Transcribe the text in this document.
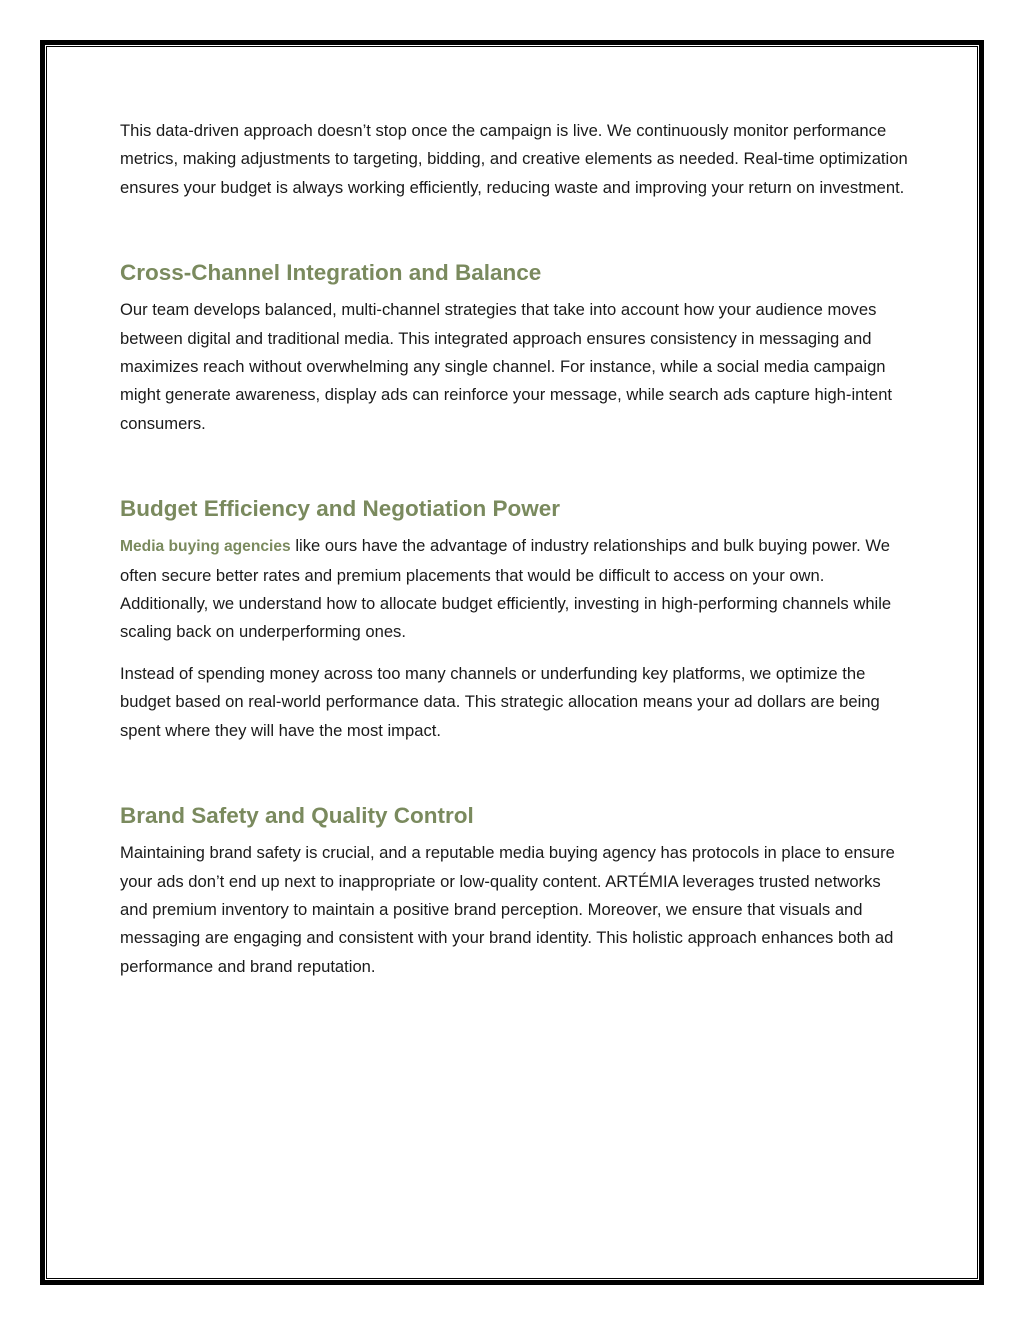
This data-driven approach doesn’t stop once the campaign is live. We continuously monitor performance metrics, making adjustments to targeting, bidding, and creative elements as needed. Real-time optimization ensures your budget is always working efficiently, reducing waste and improving your return on investment.

Cross-Channel Integration and Balance

Our team develops balanced, multi-channel strategies that take into account how your audience moves between digital and traditional media. This integrated approach ensures consistency in messaging and maximizes reach without overwhelming any single channel. For instance, while a social media campaign might generate awareness, display ads can reinforce your message, while search ads capture high-intent consumers.

Budget Efficiency and Negotiation Power

Media buying agencies like ours have the advantage of industry relationships and bulk buying power. We often secure better rates and premium placements that would be difficult to access on your own. Additionally, we understand how to allocate budget efficiently, investing in high-performing channels while scaling back on underperforming ones.

Instead of spending money across too many channels or underfunding key platforms, we optimize the budget based on real-world performance data. This strategic allocation means your ad dollars are being spent where they will have the most impact.

Brand Safety and Quality Control

Maintaining brand safety is crucial, and a reputable media buying agency has protocols in place to ensure your ads don’t end up next to inappropriate or low-quality content. ARTÉMIA leverages trusted networks and premium inventory to maintain a positive brand perception. Moreover, we ensure that visuals and messaging are engaging and consistent with your brand identity. This holistic approach enhances both ad performance and brand reputation.
